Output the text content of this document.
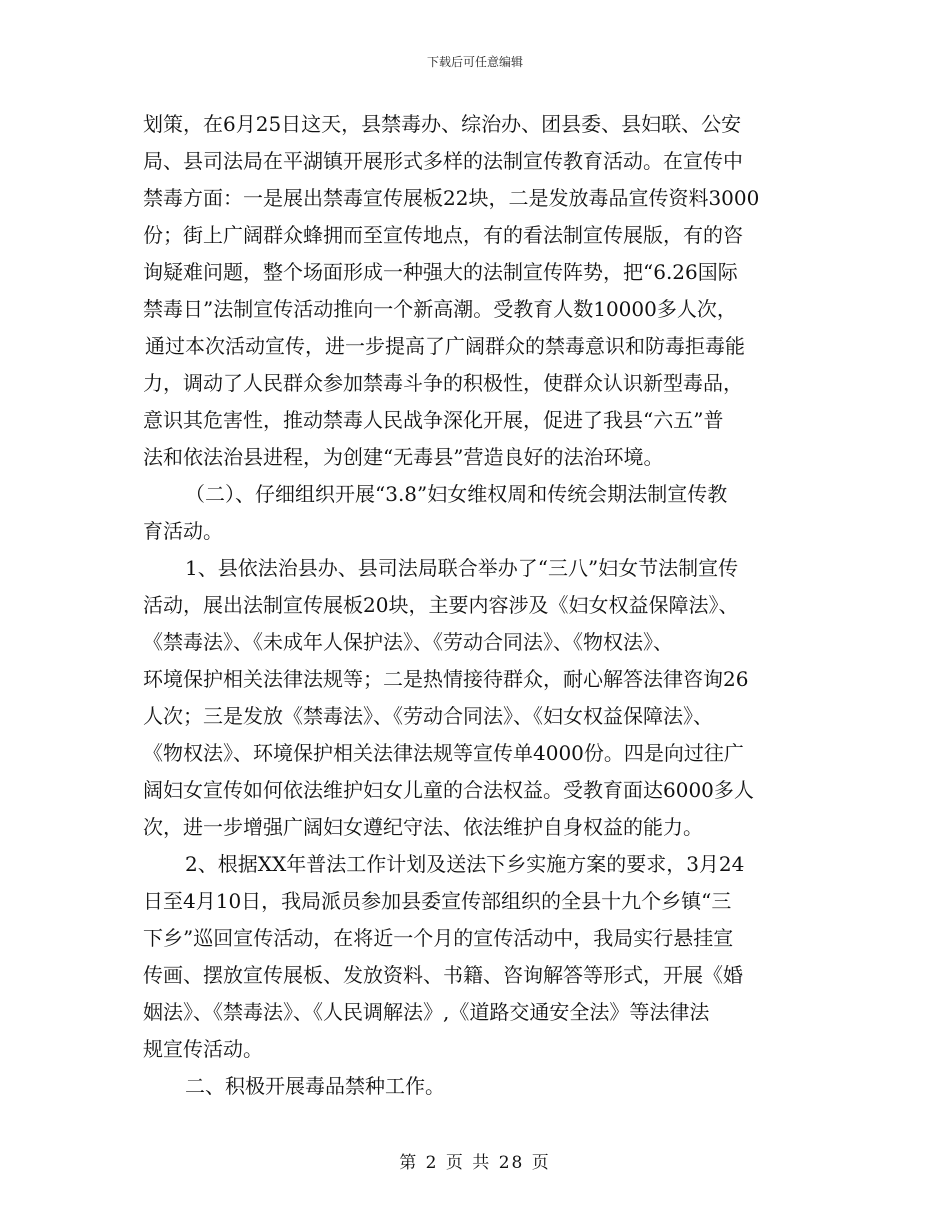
下载后可任意编辑
划策，在6月25日这天，县禁毒办、综治办、团县委、县妇联、公安
局、县司法局在平湖镇开展形式多样的法制宣传教育活动。在宣传中
禁毒方面：一是展出禁毒宣传展板22块，二是发放毒品宣传资料3000
份；街上广阔群众蜂拥而至宣传地点，有的看法制宣传展版，有的咨
询疑难问题，整个场面形成一种强大的法制宣传阵势，把“6.26国际
禁毒日”法制宣传活动推向一个新高潮。受教育人数10000多人次，
通过本次活动宣传，进一步提高了广阔群众的禁毒意识和防毒拒毒能
力，调动了人民群众参加禁毒斗争的积极性，使群众认识新型毒品，
意识其危害性，推动禁毒人民战争深化开展，促进了我县“六五”普
法和依法治县进程，为创建“无毒县”营造良好的法治环境。
（二）、仔细组织开展“3.8”妇女维权周和传统会期法制宣传教
育活动。
1、县依法治县办、县司法局联合举办了“三八”妇女节法制宣传
活动，展出法制宣传展板20块，主要内容涉及《妇女权益保障法》、
《禁毒法》、《未成年人保护法》、《劳动合同法》、《物权法》、
环境保护相关法律法规等；二是热情接待群众，耐心解答法律咨询26
人次；三是发放《禁毒法》、《劳动合同法》、《妇女权益保障法》、
《物权法》、环境保护相关法律法规等宣传单4000份。四是向过往广
阔妇女宣传如何依法维护妇女儿童的合法权益。受教育面达6000多人
次，进一步增强广阔妇女遵纪守法、依法维护自身权益的能力。
2、根据XX年普法工作计划及送法下乡实施方案的要求，3月24
日至4月10日，我局派员参加县委宣传部组织的全县十九个乡镇“三
下乡”巡回宣传活动，在将近一个月的宣传活动中，我局实行悬挂宣
传画、摆放宣传展板、发放资料、书籍、咨询解答等形式，开展《婚
姻法》、《禁毒法》、《人民调解法》,《道路交通安全法》等法律法
规宣传活动。
二、积极开展毒品禁种工作。
第 2 页 共 28 页
